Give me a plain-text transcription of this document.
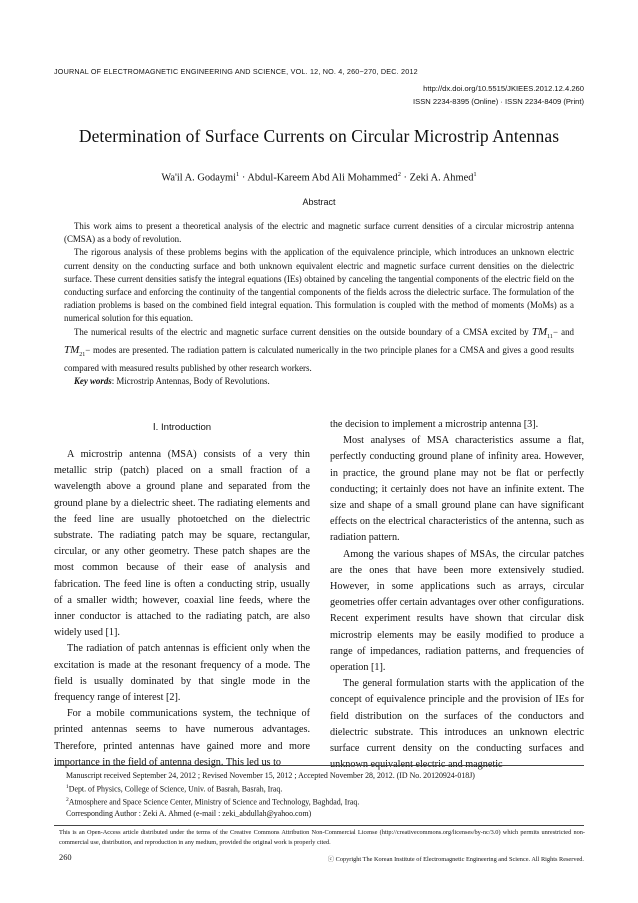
JOURNAL OF ELECTROMAGNETIC ENGINEERING AND SCIENCE, VOL. 12, NO. 4, 260~270, DEC. 2012
http://dx.doi.org/10.5515/JKIEES.2012.12.4.260
ISSN 2234-8395 (Online) · ISSN 2234-8409 (Print)
Determination of Surface Currents on Circular Microstrip Antennas
Wa'il A. Godaymi$^1$ · Abdul-Kareem Abd Ali Mohammed$^2$ · Zeki A. Ahmed$^1$
Abstract

This work aims to present a theoretical analysis of the electric and magnetic surface current densities of a circular microstrip antenna (CMSA) as a body of revolution.

The rigorous analysis of these problems begins with the application of the equivalence principle, which introduces an unknown electric current density on the conducting surface and both unknown equivalent electric and magnetic surface current densities on the dielectric surface. These current densities satisfy the integral equations (IEs) obtained by canceling the tangential components of the electric field on the conducting surface and enforcing the continuity of the tangential components of the fields across the dielectric surface. The formulation of the radiation problems is based on the combined field integral equation. This formulation is coupled with the method of moments (MoMs) as a numerical solution for this equation.

The numerical results of the electric and magnetic surface current densities on the outside boundary of a CMSA excited by $TM_{11}-$ and $TM_{21}-$ modes are presented. The radiation pattern is calculated numerically in the two principle planes for a CMSA and gives a good results compared with measured results published by other research workers.

Key words: Microstrip Antennas, Body of Revolutions.
Ⅰ. Introduction

A microstrip antenna (MSA) consists of a very thin metallic strip (patch) placed on a small fraction of a wavelength above a ground plane and separated from the ground plane by a dielectric sheet. The radiating elements and the feed line are usually photoetched on the dielectric substrate. The radiating patch may be square, rectangular, circular, or any other geometry. These patch shapes are the most common because of their ease of analysis and fabrication. The feed line is often a conducting strip, usually of a smaller width; however, coaxial line feeds, where the inner conductor is attached to the radiating patch, are also widely used [1].

The radiation of patch antennas is efficient only when the excitation is made at the resonant frequency of a mode. The field is usually dominated by that single mode in the frequency range of interest [2].

For a mobile communications system, the technique of printed antennas seems to have numerous advantages. Therefore, printed antennas have gained more and more importance in the field of antenna design. This led us to

the decision to implement a microstrip antenna [3].

Most analyses of MSA characteristics assume a flat, perfectly conducting ground plane of infinity area. However, in practice, the ground plane may not be flat or perfectly conducting; it certainly does not have an infinite extent. The size and shape of a small ground plane can have significant effects on the electrical characteristics of the antenna, such as radiation pattern.

Among the various shapes of MSAs, the circular patches are the ones that have been more extensively studied. However, in some applications such as arrays, circular geometries offer certain advantages over other configurations. Recent experiment results have shown that circular disk microstrip elements may be easily modified to produce a range of impedances, radiation patterns, and frequencies of operation [1].

The general formulation starts with the application of the concept of equivalence principle and the provision of IEs for field distribution on the surfaces of the conductors and dielectric substrate. This introduces an unknown electric surface current density on the conducting surfaces and unknown equivalent electric and magnetic

Manuscript received September 24, 2012 ; Revised November 15, 2012 ; Accepted November 28, 2012. (ID No. 20120924-018J)
$^1$Dept. of Physics, College of Science, Univ. of Basrah, Basrah, Iraq.
$^2$Atmosphere and Space Science Center, Ministry of Science and Technology, Baghdad, Iraq.
Corresponding Author : Zeki A. Ahmed (e-mail : zeki_abdullah@yahoo.com)
This is an Open-Access article distributed under the terms of the Creative Commons Attribution Non-Commercial License (http://creativecommons.org/licenses/by-nc/3.0) which permits unrestricted non-commercial use, distribution, and reproduction in any medium, provided the original work is properly cited.
260	ⓒ Copyright The Korean Institute of Electromagnetic Engineering and Science. All Rights Reserved.
